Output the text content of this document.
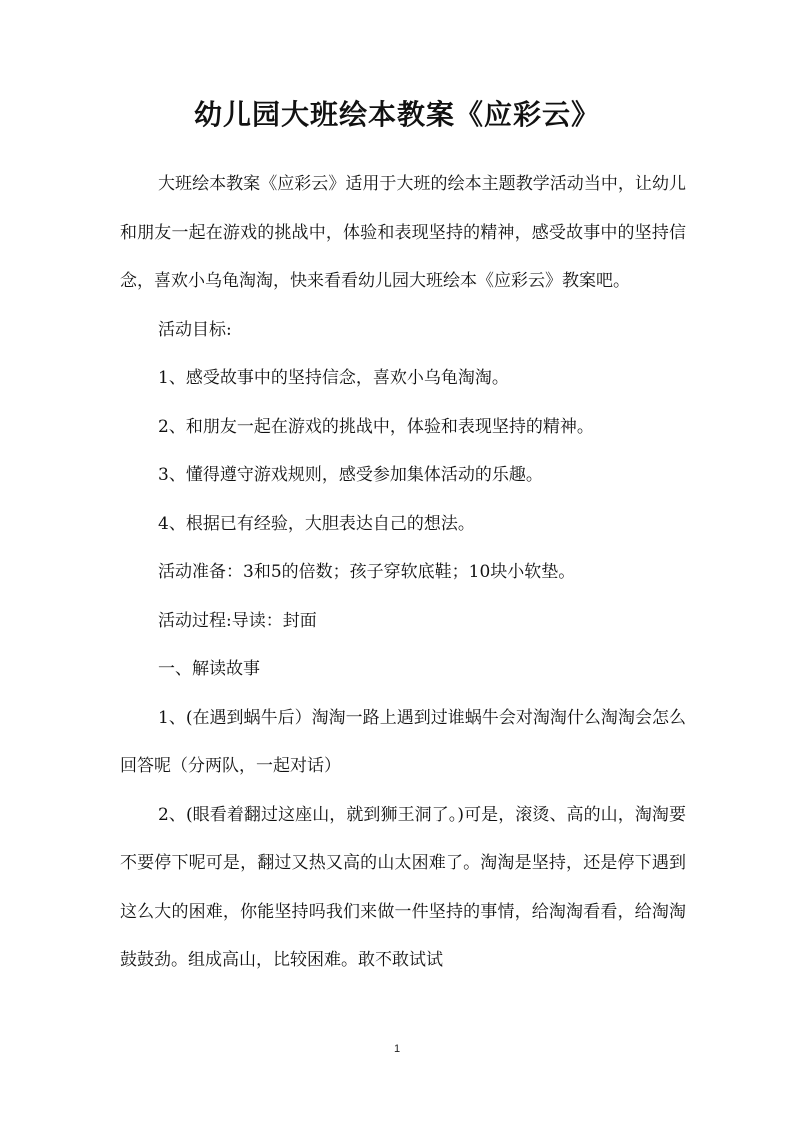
幼儿园大班绘本教案《应彩云》

大班绘本教案《应彩云》适用于大班的绘本主题教学活动当中，让幼儿和朋友一起在游戏的挑战中，体验和表现坚持的精神，感受故事中的坚持信念，喜欢小乌龟淘淘，快来看看幼儿园大班绘本《应彩云》教案吧。

活动目标:

1、感受故事中的坚持信念，喜欢小乌龟淘淘。

2、和朋友一起在游戏的挑战中，体验和表现坚持的精神。

3、懂得遵守游戏规则，感受参加集体活动的乐趣。

4、根据已有经验，大胆表达自己的想法。

活动准备：3和5的倍数；孩子穿软底鞋；10块小软垫。

活动过程:导读：封面

一、解读故事

1、(在遇到蜗牛后）淘淘一路上遇到过谁蜗牛会对淘淘什么淘淘会怎么回答呢（分两队，一起对话）

2、(眼看着翻过这座山，就到狮王洞了。)可是，滚烫、高的山，淘淘要不要停下呢可是，翻过又热又高的山太困难了。淘淘是坚持，还是停下遇到这么大的困难，你能坚持吗我们来做一件坚持的事情，给淘淘看看，给淘淘鼓鼓劲。组成高山，比较困难。敢不敢试试

1
